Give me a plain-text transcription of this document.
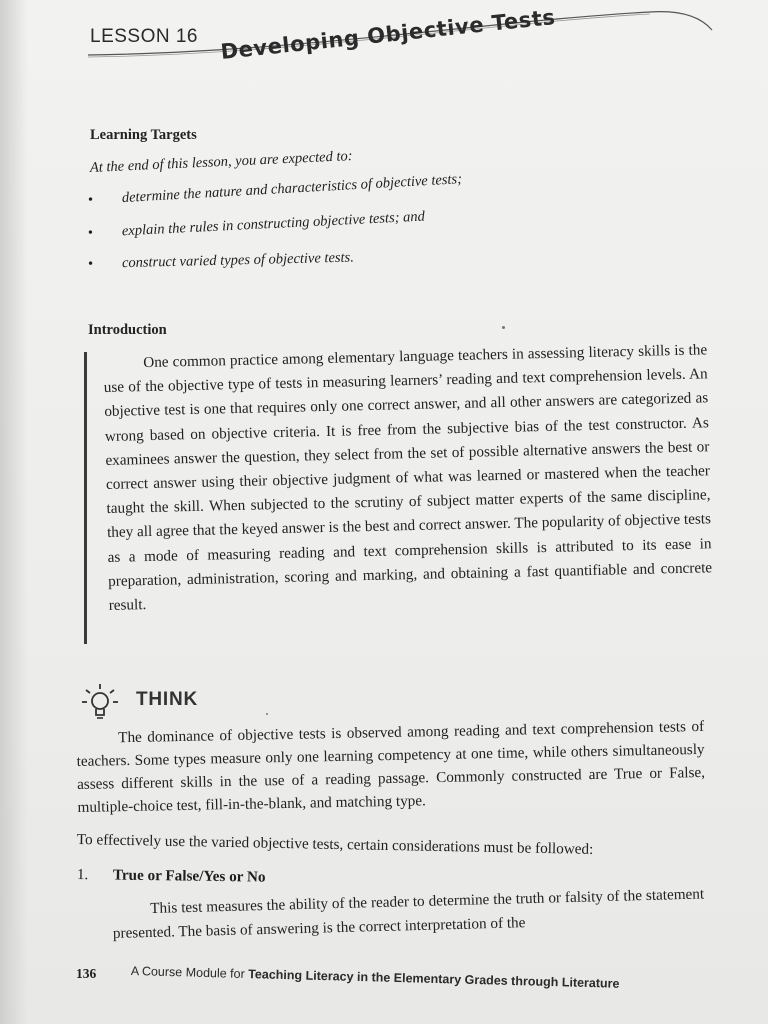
LESSON 16 Developing Objective Tests
Learning Targets
At the end of this lesson, you are expected to:
• determine the nature and characteristics of objective tests;
• explain the rules in constructing objective tests; and
• construct varied types of objective tests.
Introduction
One common practice among elementary language teachers in assessing literacy skills is the use of the objective type of tests in measuring learners’ reading and text comprehension levels. An objective test is one that requires only one correct answer, and all other answers are categorized as wrong based on objective criteria. It is free from the subjective bias of the test constructor. As examinees answer the question, they select from the set of possible alternative answers the best or correct answer using their objective judgment of what was learned or mastered when the teacher taught the skill. When subjected to the scrutiny of subject matter experts of the same discipline, they all agree that the keyed answer is the best and correct answer. The popularity of objective tests as a mode of measuring reading and text comprehension skills is attributed to its ease in preparation, administration, scoring and marking, and obtaining a fast quantifiable and concrete result.
THINK
The dominance of objective tests is observed among reading and text comprehension tests of teachers. Some types measure only one learning competency at one time, while others simultaneously assess different skills in the use of a reading passage. Commonly constructed are True or False, multiple-choice test, fill-in-the-blank, and matching type.
To effectively use the varied objective tests, certain considerations must be followed:
1. True or False/Yes or No
This test measures the ability of the reader to determine the truth or falsity of the statement presented. The basis of answering is the correct interpretation of the
136	A Course Module for Teaching Literacy in the Elementary Grades through Literature
